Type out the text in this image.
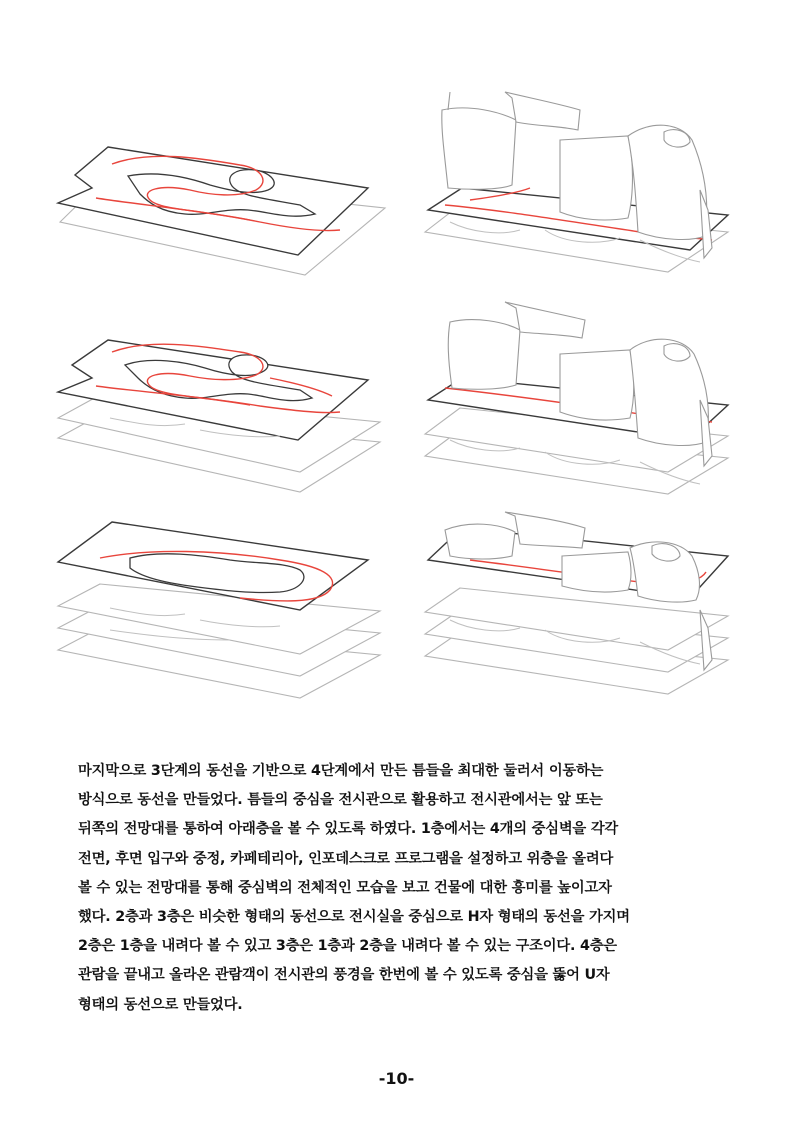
마지막으로 3단계의 동선을 기반으로 4단계에서 만든 틈들을 최대한 둘러서 이동하는

방식으로 동선을 만들었다. 틈들의 중심을 전시관으로 활용하고 전시관에서는 앞 또는

뒤쪽의 전망대를 통하여 아래층을 볼 수 있도록 하였다. 1층에서는 4개의 중심벽을 각각

전면, 후면 입구와 중정, 카페테리아, 인포데스크로 프로그램을 설정하고 위층을 올려다

볼 수 있는 전망대를 통해 중심벽의 전체적인 모습을 보고 건물에 대한 흥미를 높이고자

했다. 2층과 3층은 비슷한 형태의 동선으로 전시실을 중심으로 H자 형태의 동선을 가지며

2층은 1층을 내려다 볼 수 있고 3층은 1층과 2층을 내려다 볼 수 있는 구조이다. 4층은

관람을 끝내고 올라온 관람객이 전시관의 풍경을 한번에 볼 수 있도록 중심을 뚫어 U자

형태의 동선으로 만들었다.

-10-
